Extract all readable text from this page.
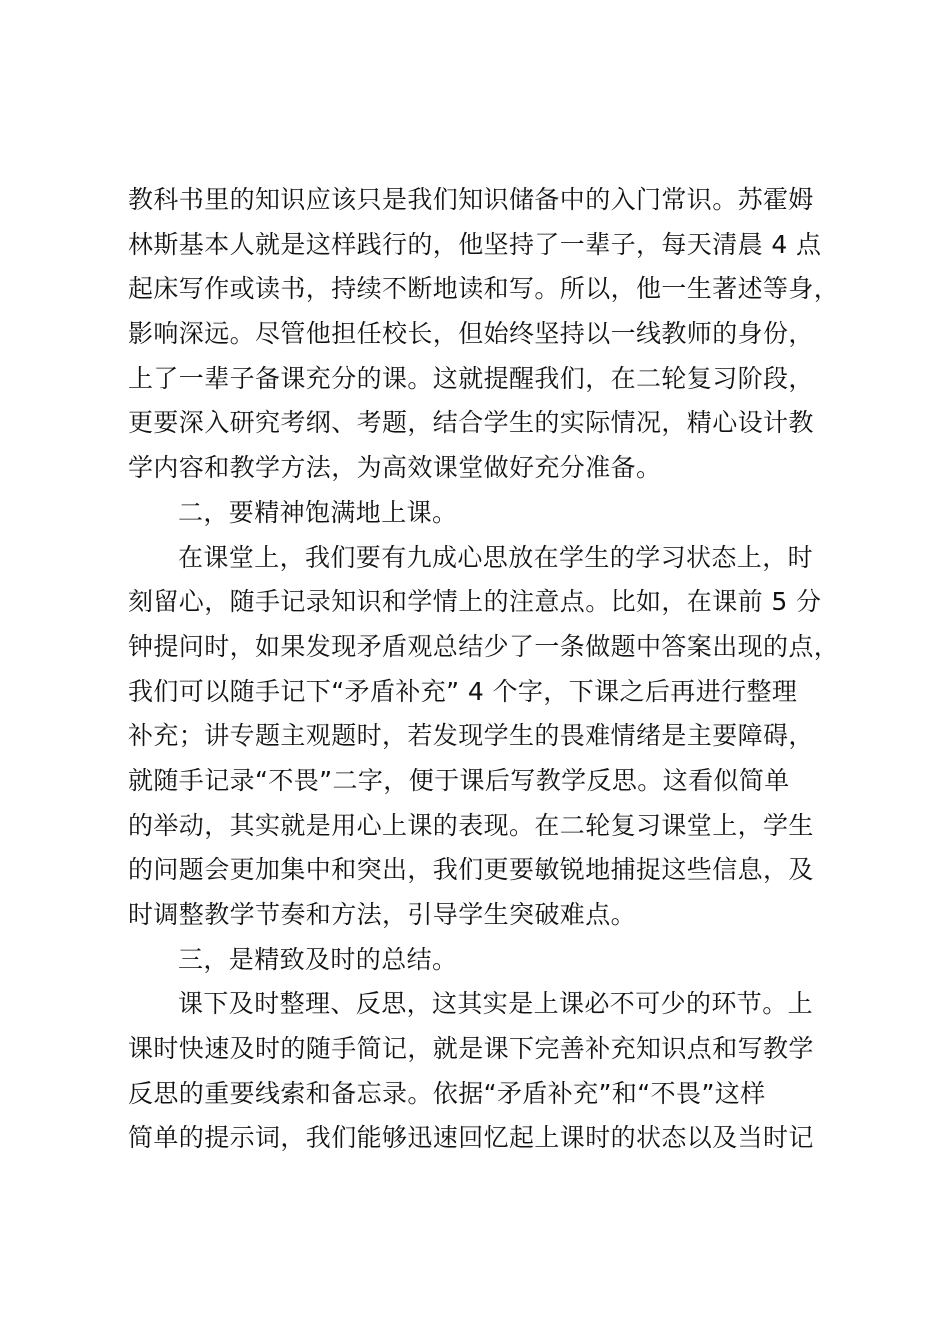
教科书里的知识应该只是我们知识储备中的入门常识。苏霍姆
林斯基本人就是这样践行的，他坚持了一辈子，每天清晨 4 点
起床写作或读书，持续不断地读和写。所以，他一生著述等身，
影响深远。尽管他担任校长，但始终坚持以一线教师的身份，
上了一辈子备课充分的课。这就提醒我们，在二轮复习阶段，
更要深入研究考纲、考题，结合学生的实际情况，精心设计教
学内容和教学方法，为高效课堂做好充分准备。
二，要精神饱满地上课。
在课堂上，我们要有九成心思放在学生的学习状态上，时
刻留心，随手记录知识和学情上的注意点。比如，在课前 5 分
钟提问时，如果发现矛盾观总结少了一条做题中答案出现的点，
我们可以随手记下“矛盾补充” 4 个字，下课之后再进行整理
补充；讲专题主观题时，若发现学生的畏难情绪是主要障碍，
就随手记录“不畏”二字，便于课后写教学反思。这看似简单
的举动，其实就是用心上课的表现。在二轮复习课堂上，学生
的问题会更加集中和突出，我们更要敏锐地捕捉这些信息，及
时调整教学节奏和方法，引导学生突破难点。
三，是精致及时的总结。
课下及时整理、反思，这其实是上课必不可少的环节。上
课时快速及时的随手简记，就是课下完善补充知识点和写教学
反思的重要线索和备忘录。依据“矛盾补充”和“不畏”这样
简单的提示词，我们能够迅速回忆起上课时的状态以及当时记
